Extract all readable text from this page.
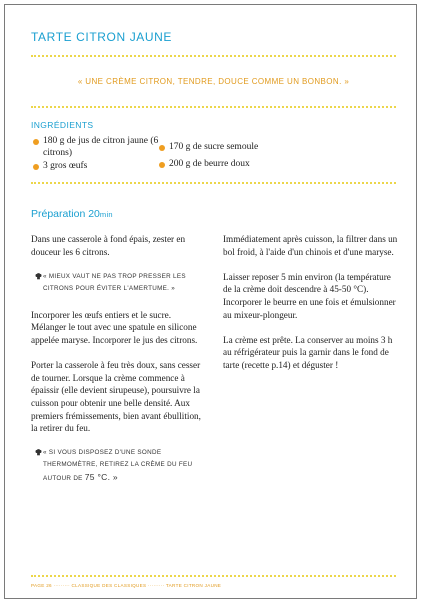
TARTE CITRON JAUNE
« UNE CRÈME CITRON, TENDRE, DOUCE COMME UN BONBON. »
INGRÉDIENTS
180 g de jus de citron jaune (6 citrons)
3 gros œufs
170 g de sucre semoule
200 g de beurre doux
Préparation 20min

Dans une casserole à fond épais, zester en douceur les 6 citrons.

« MIEUX VAUT NE PAS TROP PRESSER LES CITRONS POUR ÉVITER L'AMERTUME. »

Incorporer les œufs entiers et le sucre. Mélanger le tout avec une spatule en silicone appelée maryse. Incorporer le jus des citrons.

Porter la casserole à feu très doux, sans cesser de tourner. Lorsque la crème commence à épaissir (elle devient sirupeuse), poursuivre la cuisson pour obtenir une belle densité. Aux premiers frémissements, bien avant ébullition, la retirer du feu.

« SI VOUS DISPOSEZ D'UNE SONDE THERMOMÈTRE, RETIREZ LA CRÈME DU FEU AUTOUR DE 75 °C. »

Immédiatement après cuisson, la filtrer dans un bol froid, à l'aide d'un chinois et d'une maryse.

Laisser reposer 5 min environ (la température de la crème doit descendre à 45-50 °C). Incorporer le beurre en une fois et émulsionner au mixeur-plongeur.

La crème est prête. La conserver au moins 3 h au réfrigérateur puis la garnir dans le fond de tarte (recette p.14) et déguster !

PAGE 26 ········· CLASSIQUE DES CLASSIQUES ········· TARTE CITRON JAUNE
